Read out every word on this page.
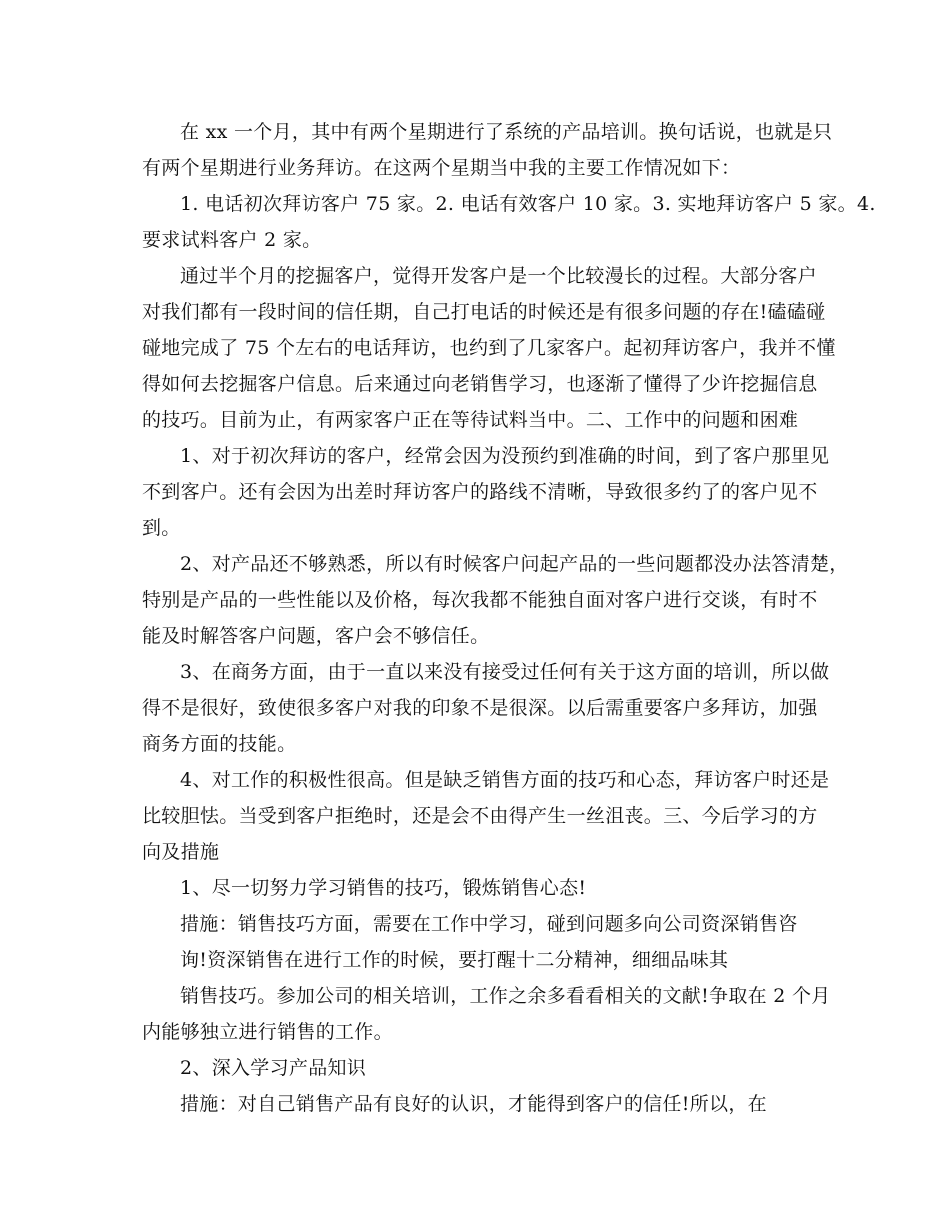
在 xx 一个月，其中有两个星期进行了系统的产品培训。换句话说，也就是只
有两个星期进行业务拜访。在这两个星期当中我的主要工作情况如下：
1. 电话初次拜访客户 75 家。2. 电话有效客户 10 家。3. 实地拜访客户 5 家。4.
要求试料客户 2 家。
通过半个月的挖掘客户，觉得开发客户是一个比较漫长的过程。大部分客户
对我们都有一段时间的信任期，自己打电话的时候还是有很多问题的存在!磕磕碰
碰地完成了 75 个左右的电话拜访，也约到了几家客户。起初拜访客户，我并不懂
得如何去挖掘客户信息。后来通过向老销售学习，也逐渐了懂得了少许挖掘信息
的技巧。目前为止，有两家客户正在等待试料当中。二、工作中的问题和困难
1、对于初次拜访的客户，经常会因为没预约到准确的时间，到了客户那里见
不到客户。还有会因为出差时拜访客户的路线不清晰，导致很多约了的客户见不
到。
2、对产品还不够熟悉，所以有时候客户问起产品的一些问题都没办法答清楚，
特别是产品的一些性能以及价格，每次我都不能独自面对客户进行交谈，有时不
能及时解答客户问题，客户会不够信任。
3、在商务方面，由于一直以来没有接受过任何有关于这方面的培训，所以做
得不是很好，致使很多客户对我的印象不是很深。以后需重要客户多拜访，加强
商务方面的技能。
4、对工作的积极性很高。但是缺乏销售方面的技巧和心态，拜访客户时还是
比较胆怯。当受到客户拒绝时，还是会不由得产生一丝沮丧。三、今后学习的方
向及措施
1、尽一切努力学习销售的技巧，锻炼销售心态!
措施：销售技巧方面，需要在工作中学习，碰到问题多向公司资深销售咨
询!资深销售在进行工作的时候，要打醒十二分精神，细细品味其
销售技巧。参加公司的相关培训，工作之余多看看相关的文献!争取在 2 个月
内能够独立进行销售的工作。
2、深入学习产品知识
措施：对自己销售产品有良好的认识，才能得到客户的信任!所以，在
